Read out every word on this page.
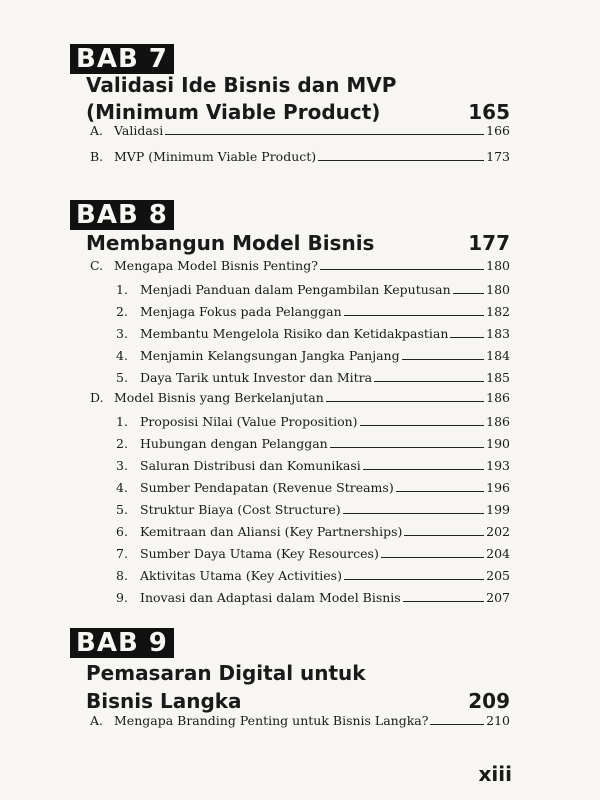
BAB 7
Validasi Ide Bisnis dan MVP
(Minimum Viable Product)	165
A. Validasi	166
B. MVP (Minimum Viable Product)	173
BAB 8
Membangun Model Bisnis	177
C. Mengapa Model Bisnis Penting?	180
1. Menjadi Panduan dalam Pengambilan Keputusan	180
2. Menjaga Fokus pada Pelanggan	182
3. Membantu Mengelola Risiko dan Ketidakpastian	183
4. Menjamin Kelangsungan Jangka Panjang	184
5. Daya Tarik untuk Investor dan Mitra	185
D. Model Bisnis yang Berkelanjutan	186
1. Proposisi Nilai (Value Proposition)	186
2. Hubungan dengan Pelanggan	190
3. Saluran Distribusi dan Komunikasi	193
4. Sumber Pendapatan (Revenue Streams)	196
5. Struktur Biaya (Cost Structure)	199
6. Kemitraan dan Aliansi (Key Partnerships)	202
7. Sumber Daya Utama (Key Resources)	204
8. Aktivitas Utama (Key Activities)	205
9. Inovasi dan Adaptasi dalam Model Bisnis	207
BAB 9
Pemasaran Digital untuk
Bisnis Langka	209
A. Mengapa Branding Penting untuk Bisnis Langka?	210
xiii
